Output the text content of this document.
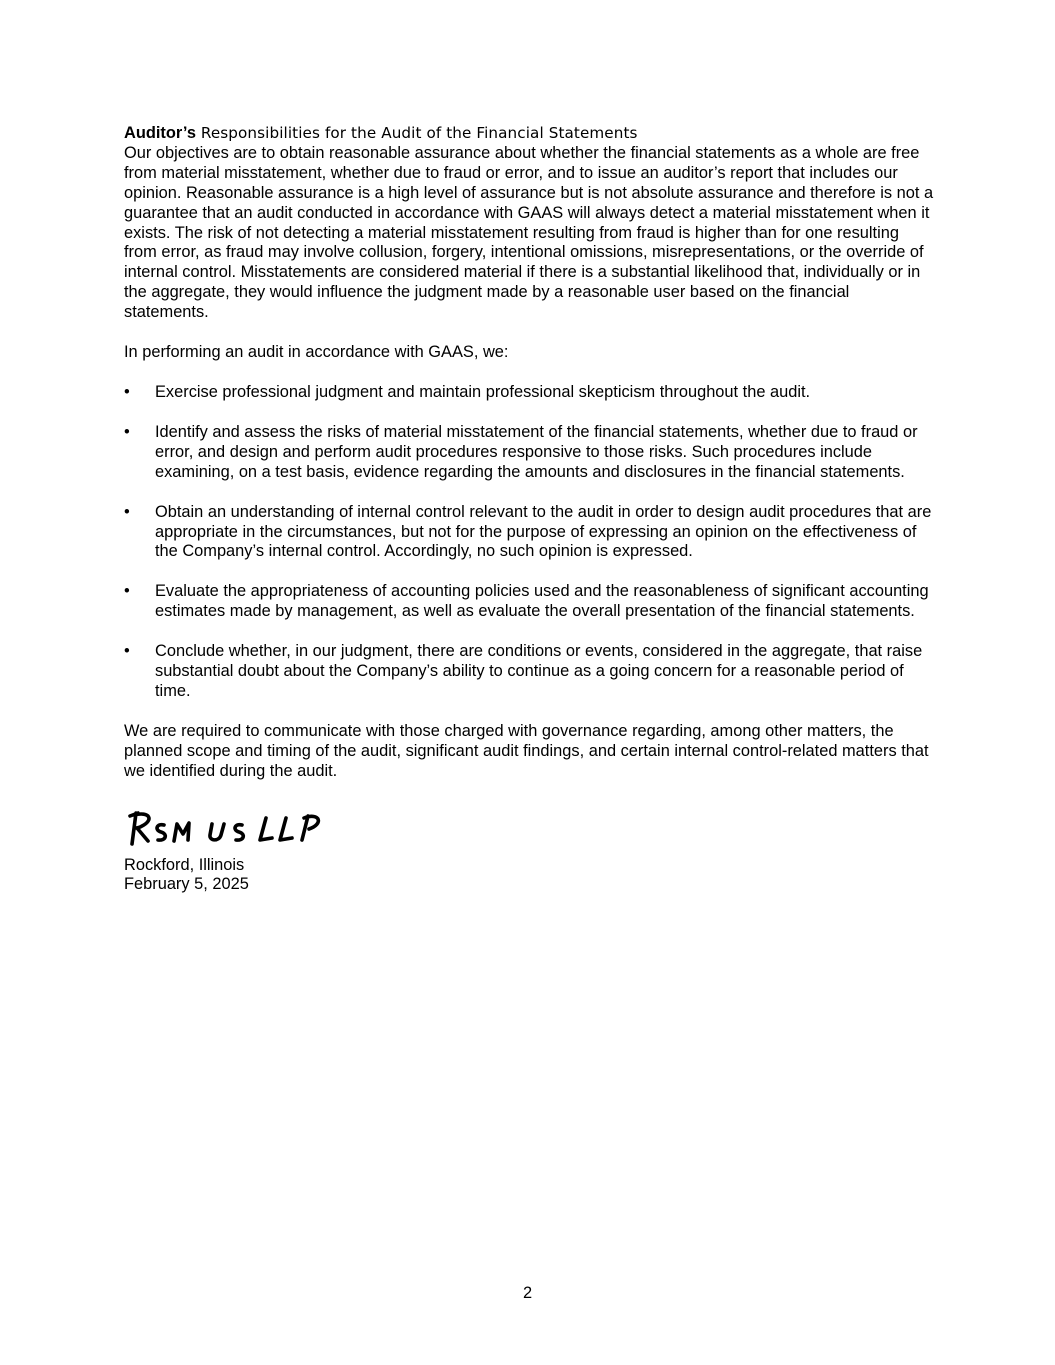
Auditor’s Responsibilities for the Audit of the Financial Statements

Our objectives are to obtain reasonable assurance about whether the financial statements as a whole are free from material misstatement, whether due to fraud or error, and to issue an auditor’s report that includes our opinion. Reasonable assurance is a high level of assurance but is not absolute assurance and therefore is not a guarantee that an audit conducted in accordance with GAAS will always detect a material misstatement when it exists. The risk of not detecting a material misstatement resulting from fraud is higher than for one resulting from error, as fraud may involve collusion, forgery, intentional omissions, misrepresentations, or the override of internal control. Misstatements are considered material if there is a substantial likelihood that, individually or in the aggregate, they would influence the judgment made by a reasonable user based on the financial statements.

In performing an audit in accordance with GAAS, we:

• Exercise professional judgment and maintain professional skepticism throughout the audit.
• Identify and assess the risks of material misstatement of the financial statements, whether due to fraud or error, and design and perform audit procedures responsive to those risks. Such procedures include examining, on a test basis, evidence regarding the amounts and disclosures in the financial statements.
• Obtain an understanding of internal control relevant to the audit in order to design audit procedures that are appropriate in the circumstances, but not for the purpose of expressing an opinion on the effectiveness of the Company’s internal control. Accordingly, no such opinion is expressed.
• Evaluate the appropriateness of accounting policies used and the reasonableness of significant accounting estimates made by management, as well as evaluate the overall presentation of the financial statements.
• Conclude whether, in our judgment, there are conditions or events, considered in the aggregate, that raise substantial doubt about the Company’s ability to continue as a going concern for a reasonable period of time.

We are required to communicate with those charged with governance regarding, among other matters, the planned scope and timing of the audit, significant audit findings, and certain internal control-related matters that we identified during the audit.

Rockford, Illinois
February 5, 2025
2
